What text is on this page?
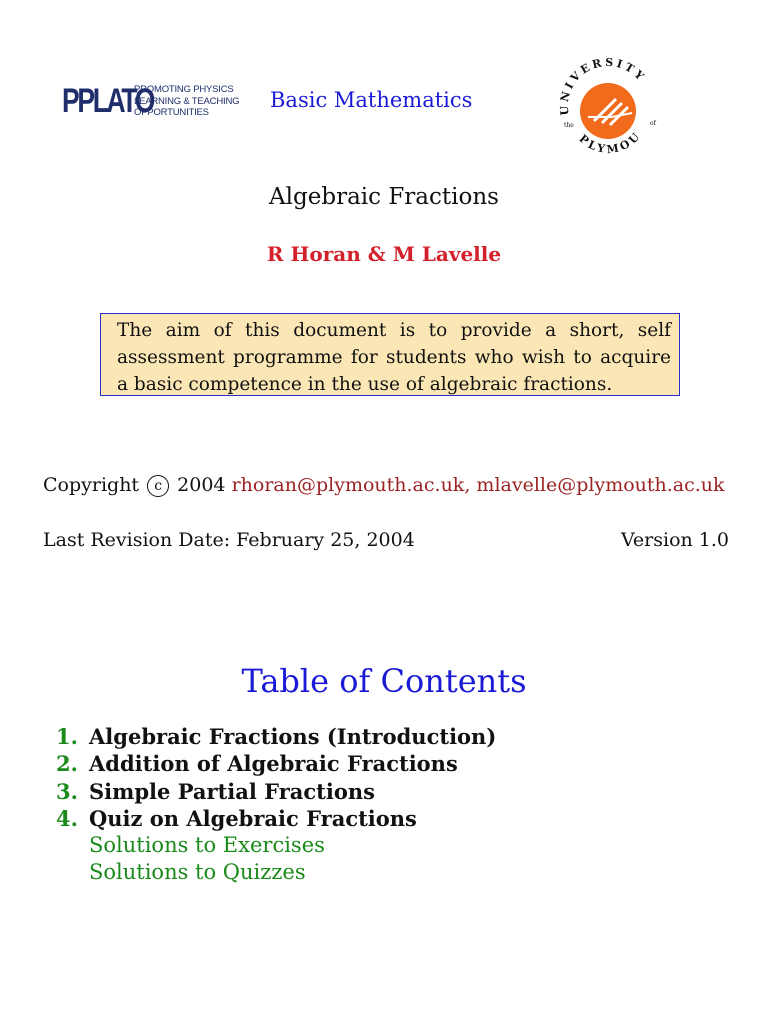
PPLATO
PROMOTING PHYSICS
LEARNING & TEACHING
OPPORTUNITIES
Basic Mathematics	UNIVERSITY
PLYMOU
the	of
Algebraic Fractions
R Horan & M Lavelle
The aim of this document is to provide a short, self assessment programme for students who wish to acquire a basic competence in the use of algebraic fractions.
Copyright c 2004 rhoran@plymouth.ac.uk, mlavelle@plymouth.ac.uk
Last Revision Date: February 25, 2004	Version 1.0
Table of Contents
1. Algebraic Fractions (Introduction)
2. Addition of Algebraic Fractions
3. Simple Partial Fractions
4. Quiz on Algebraic Fractions
Solutions to Exercises
Solutions to Quizzes
